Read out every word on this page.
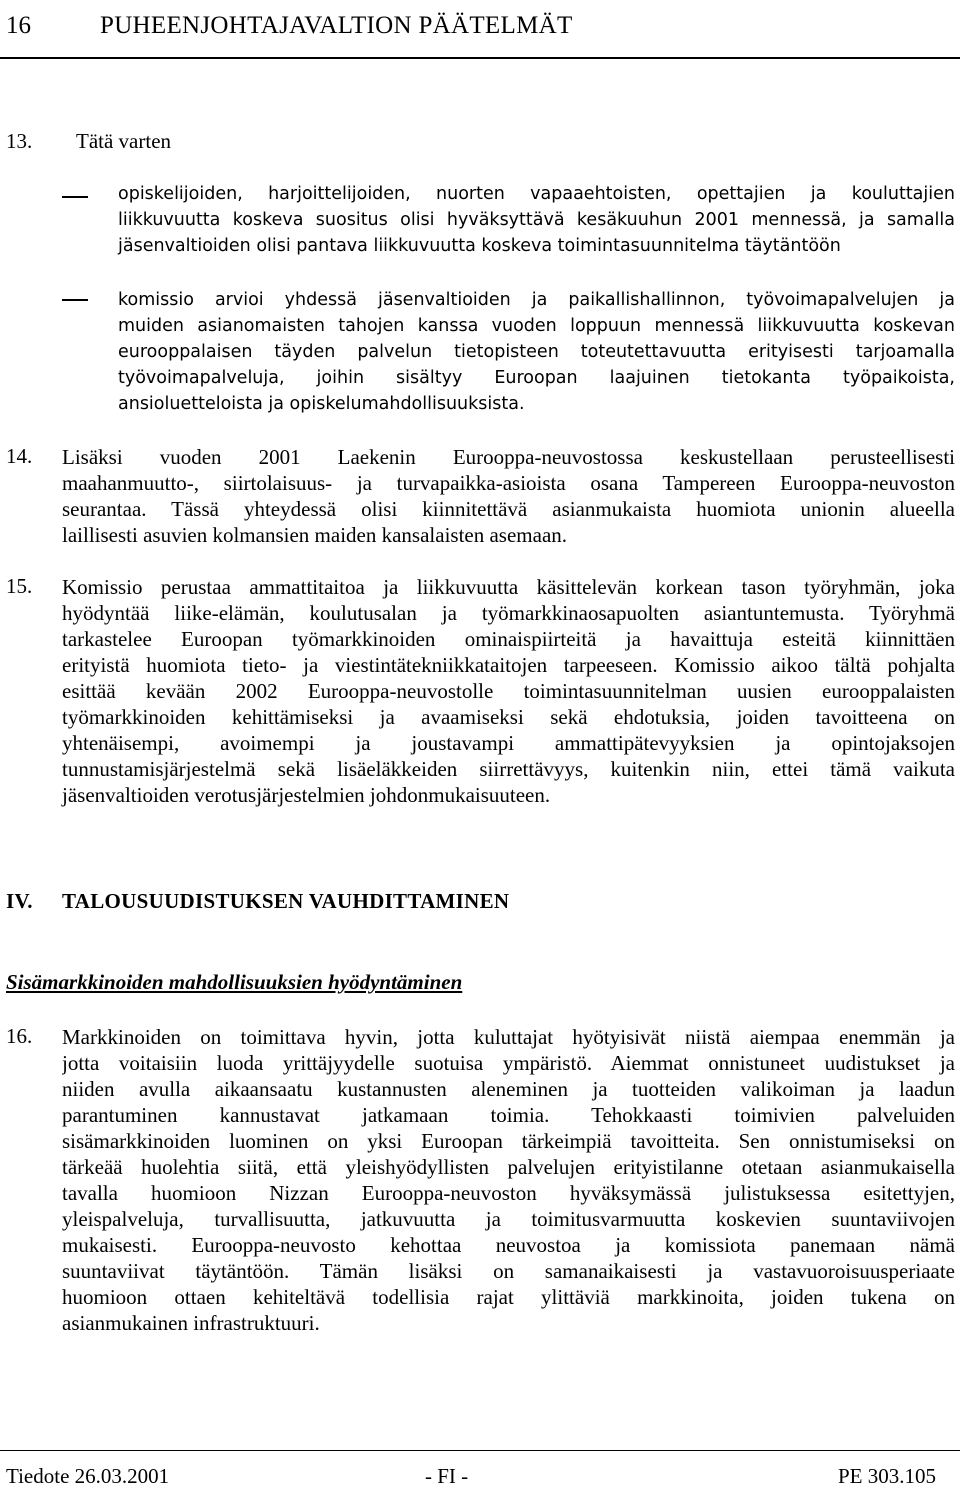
16	PUHEENJOHTAJAVALTION PÄÄTELMÄT
13. Tätä varten
opiskelijoiden, harjoittelijoiden, nuorten vapaaehtoisten, opettajien ja kouluttajien
liikkuvuutta koskeva suositus olisi hyväksyttävä kesäkuuhun 2001 mennessä, ja samalla
jäsenvaltioiden olisi pantava liikkuvuutta koskeva toimintasuunnitelma täytäntöön
komissio arvioi yhdessä jäsenvaltioiden ja paikallishallinnon, työvoimapalvelujen ja
muiden asianomaisten tahojen kanssa vuoden loppuun mennessä liikkuvuutta koskevan
eurooppalaisen täyden palvelun tietopisteen toteutettavuutta erityisesti tarjoamalla
työvoimapalveluja, joihin sisältyy Euroopan laajuinen tietokanta työpaikoista,
ansioluetteloista ja opiskelumahdollisuuksista.
14. Lisäksi vuoden 2001 Laekenin Eurooppa-neuvostossa keskustellaan perusteellisesti
maahanmuutto-, siirtolaisuus- ja turvapaikka-asioista osana Tampereen Eurooppa-neuvoston
seurantaa. Tässä yhteydessä olisi kiinnitettävä asianmukaista huomiota unionin alueella
laillisesti asuvien kolmansien maiden kansalaisten asemaan.
15. Komissio perustaa ammattitaitoa ja liikkuvuutta käsittelevän korkean tason työryhmän, joka
hyödyntää liike-elämän, koulutusalan ja työmarkkinaosapuolten asiantuntemusta. Työryhmä
tarkastelee Euroopan työmarkkinoiden ominaispiirteitä ja havaittuja esteitä kiinnittäen
erityistä huomiota tieto- ja viestintätekniikkataitojen tarpeeseen. Komissio aikoo tältä pohjalta
esittää kevään 2002 Eurooppa-neuvostolle toimintasuunnitelman uusien eurooppalaisten
työmarkkinoiden kehittämiseksi ja avaamiseksi sekä ehdotuksia, joiden tavoitteena on
yhtenäisempi, avoimempi ja joustavampi ammattipätevyyksien ja opintojaksojen
tunnustamisjärjestelmä sekä lisäeläkkeiden siirrettävyys, kuitenkin niin, ettei tämä vaikuta
jäsenvaltioiden verotusjärjestelmien johdonmukaisuuteen.
IV. TALOUSUUDISTUKSEN VAUHDITTAMINEN
Sisämarkkinoiden mahdollisuuksien hyödyntäminen
16. Markkinoiden on toimittava hyvin, jotta kuluttajat hyötyisivät niistä aiempaa enemmän ja
jotta voitaisiin luoda yrittäjyydelle suotuisa ympäristö. Aiemmat onnistuneet uudistukset ja
niiden avulla aikaansaatu kustannusten aleneminen ja tuotteiden valikoiman ja laadun
parantuminen kannustavat jatkamaan toimia. Tehokkaasti toimivien palveluiden
sisämarkkinoiden luominen on yksi Euroopan tärkeimpiä tavoitteita. Sen onnistumiseksi on
tärkeää huolehtia siitä, että yleishyödyllisten palvelujen erityistilanne otetaan asianmukaisella
tavalla huomioon Nizzan Eurooppa-neuvoston hyväksymässä julistuksessa esitettyjen,
yleispalveluja, turvallisuutta, jatkuvuutta ja toimitusvarmuutta koskevien suuntaviivojen
mukaisesti. Eurooppa-neuvosto kehottaa neuvostoa ja komissiota panemaan nämä
suuntaviivat täytäntöön. Tämän lisäksi on samanaikaisesti ja vastavuoroisuusperiaate
huomioon ottaen kehiteltävä todellisia rajat ylittäviä markkinoita, joiden tukena on
asianmukainen infrastruktuuri.
Tiedote 26.03.2001	- FI -	PE 303.105
